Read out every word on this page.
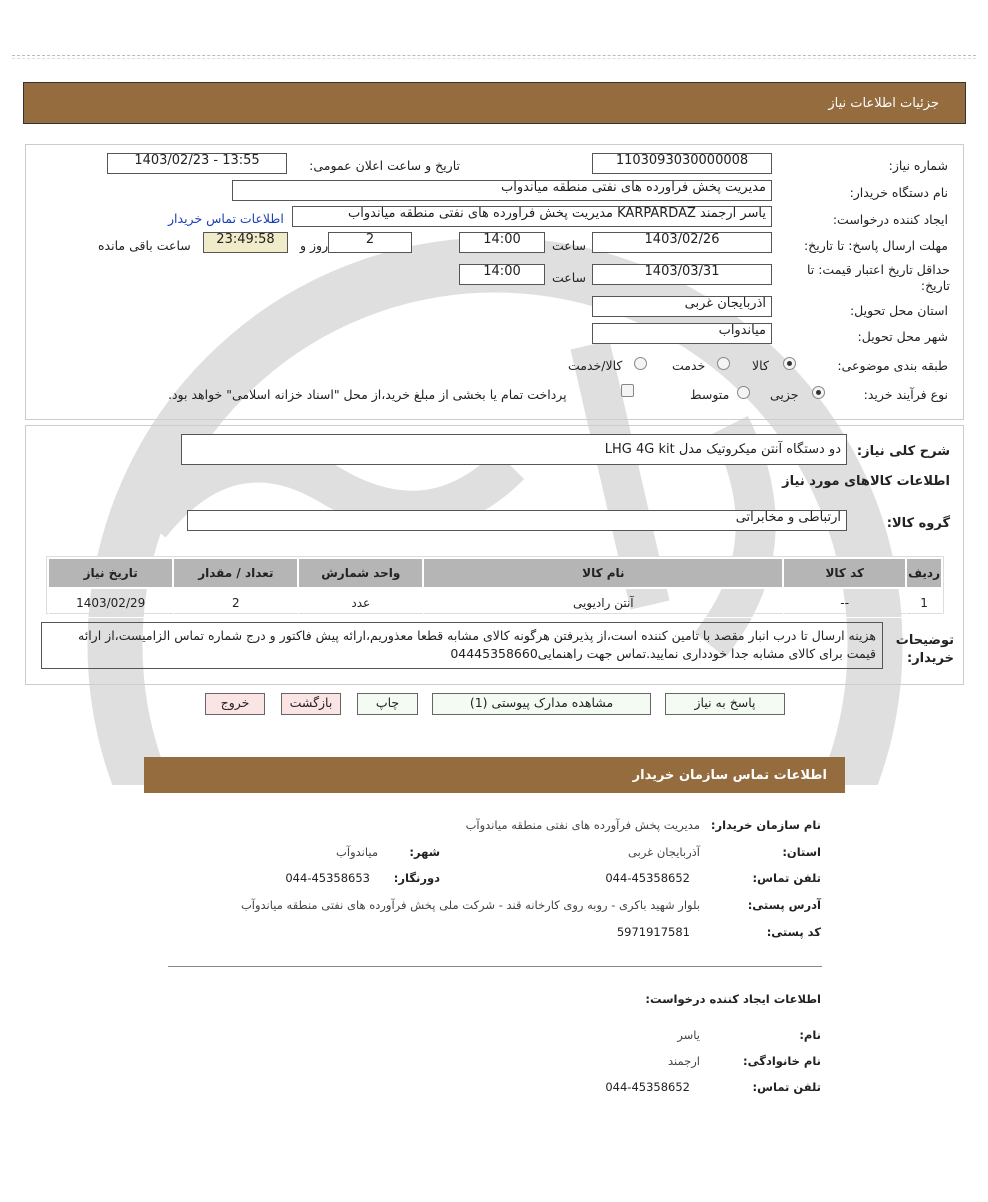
جزئیات اطلاعات نیاز
شماره نیاز:
1103093030000008
تاریخ و ساعت اعلان عمومی:
1403/02/23 - 13:55
نام دستگاه خریدار:
مدیریت پخش فراورده های نفتی منطقه میاندواب
ایجاد کننده درخواست:
یاسر ارجمند KARPARDAZ مدیریت پخش فراورده های نفتی منطقه میاندواب
اطلاعات تماس خریدار
مهلت ارسال پاسخ: تا تاریخ:
1403/02/26
ساعت
14:00
2
روز و
23:49:58
ساعت باقی مانده
حداقل تاریخ اعتبار قیمت: تا تاریخ:
1403/03/31
ساعت
14:00
استان محل تحویل:
آذربایجان غربی
شهر محل تحویل:
میاندواب
طبقه بندی موضوعی:
کالا
خدمت
کالا/خدمت
نوع فرآیند خرید:
جزیی
متوسط
پرداخت تمام یا بخشی از مبلغ خرید،از محل "اسناد خزانه اسلامی" خواهد بود.
شرح کلی نیاز:
دو دستگاه آنتن میکروتیک مدل LHG 4G kit
اطلاعات کالاهای مورد نیاز
گروه کالا:
ارتباطی و مخابراتی
ردیف	کد کالا	نام کالا	واحد شمارش	تعداد / مقدار	تاریخ نیاز
1	--	آنتن رادیویی	عدد	2	1403/02/29
توضیحات خریدار:
هزینه ارسال تا درب انبار مقصد با تامین کننده است،از پذیرفتن هرگونه کالای مشابه قطعا معذوریم،ارائه پیش فاکتور و درج شماره تماس الزامیست،از ارائه قیمت برای کالای مشابه جدا خودداری نمایید.تماس جهت راهنمایی04445358660
پاسخ به نیاز
مشاهده مدارک پیوستی (1)
چاپ
بازگشت
خروج
اطلاعات تماس سازمان خریدار
نام سازمان خریدار:
مدیریت پخش فرآورده های نفتی منطقه میاندوآب
استان:
آذربایجان غربی
شهر:
میاندوآب
تلفن تماس:
044-45358652
دورنگار:
044-45358653
آدرس پستی:
بلوار شهید باکری - روبه روی کارخانه قند - شرکت ملی پخش فرآورده های نفتی منطقه میاندوآب
کد پستی:
5971917581
اطلاعات ایجاد کننده درخواست:
نام:
یاسر
نام خانوادگی:
ارجمند
تلفن تماس:
044-45358652
